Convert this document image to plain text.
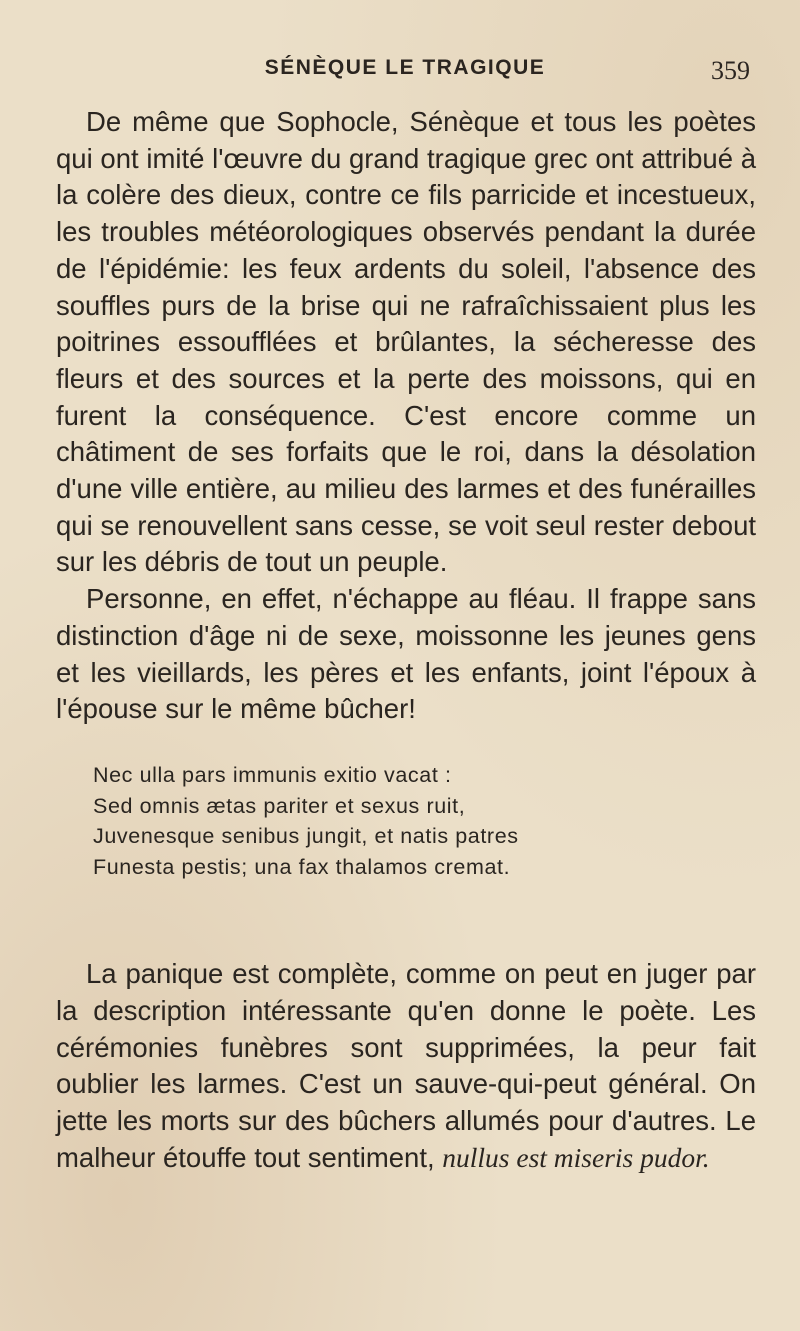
SÉNÈQUE LE TRAGIQUE	359

De même que Sophocle, Sénèque et tous les poètes qui ont imité l'œuvre du grand tragique grec ont attribué à la colère des dieux, contre ce fils parricide et incestueux, les troubles météorologiques observés pendant la durée de l'épidémie: les feux ardents du soleil, l'absence des souffles purs de la brise qui ne rafraîchissaient plus les poitrines essoufflées et brûlantes, la sécheresse des fleurs et des sources et la perte des moissons, qui en furent la conséquence. C'est encore comme un châtiment de ses forfaits que le roi, dans la désolation d'une ville entière, au milieu des larmes et des funérailles qui se renouvellent sans cesse, se voit seul rester debout sur les débris de tout un peuple.

Personne, en effet, n'échappe au fléau. Il frappe sans distinction d'âge ni de sexe, moissonne les jeunes gens et les vieillards, les pères et les enfants, joint l'époux à l'épouse sur le même bûcher!

Nec ulla pars immunis exitio vacat :
Sed omnis ætas pariter et sexus ruit,
Juvenesque senibus jungit, et natis patres
Funesta pestis; una fax thalamos cremat.

La panique est complète, comme on peut en juger par la description intéressante qu'en donne le poète. Les cérémonies funèbres sont supprimées, la peur fait oublier les larmes. C'est un sauve-qui-peut général. On jette les morts sur des bûchers allumés pour d'autres. Le malheur étouffe tout sentiment, nullus est miseris pudor.
